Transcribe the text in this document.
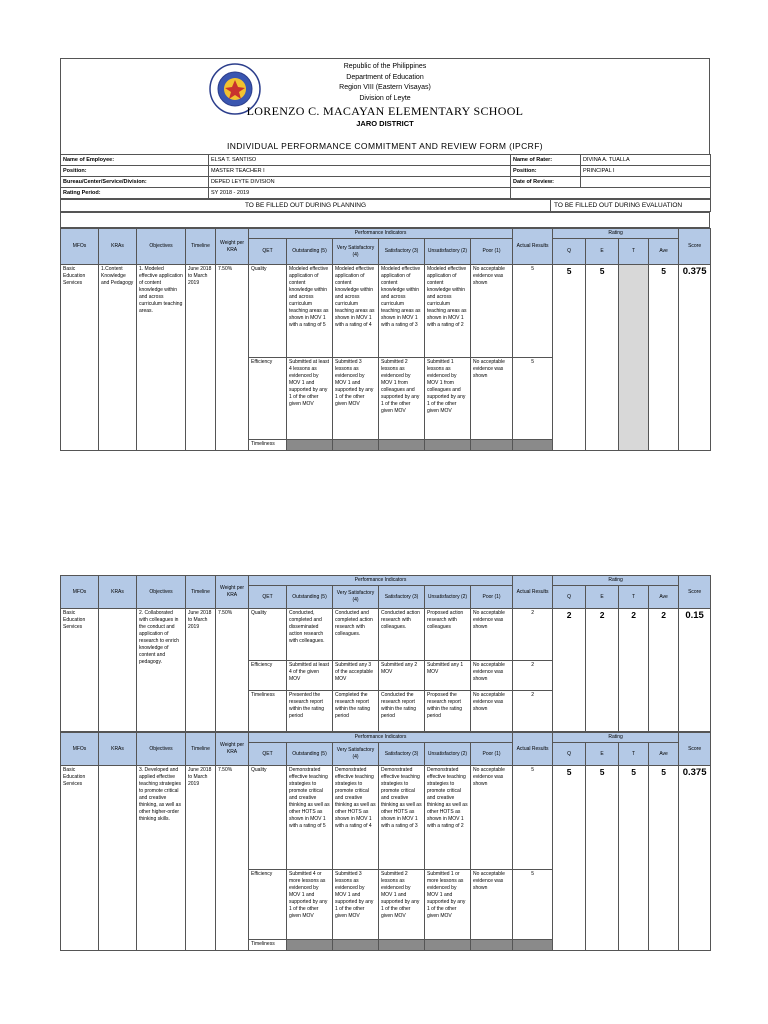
Republic of the Philippines
Department of Education
Region VIII (Eastern Visayas)
Division of Leyte
LORENZO C. MACAYAN ELEMENTARY SCHOOL
JARO DISTRICT
INDIVIDUAL PERFORMANCE COMMITMENT AND REVIEW FORM (IPCRF)
Name of Employee:	ELSA T. SANTISO	Name of Rater:	DIVINA A. TUALLA
Position:	MASTER TEACHER I	Position:	PRINCIPAL I
Bureau/Center/Service/Division:	DEPED LEYTE DIVISION	Date of Review:	
Rating Period:	SY 2018 - 2019		
TO BE FILLED OUT DURING PLANNING	TO BE FILLED OUT DURING EVALUATION
MFOs	KRAs	Objectives	Timeline	Weight per KRA	Performance Indicators						Actual Results	Rating				Score
					QET	Outstanding (5)	Very Satisfactory (4)	Satisfactory (3)	Unsatisfactory (2)	Poor (1)		Q	E	T	Ave	
Basic Education Services	1.Content Knowledge and Pedagogy	1. Modeled effective application of content knowledge within and across curriculum teaching areas.	June 2018 to March 2019	7.50%	Quality	Modeled effective application of content knowledge within and across curriculum teaching areas as shown in MOV 1 with a rating of 5	Modeled effective application of content knowledge within and across curriculum teaching areas as shown in MOV 1 with a rating of 4	Modeled effective application of content knowledge within and across curriculum teaching areas as shown in MOV 1 with a rating of 3	Modeled effective application of content knowledge within and across curriculum teaching areas as shown in MOV 1 with a rating of 2	No acceptable evidence was shown	5	5	5		5	0.375
					Efficiency	Submitted at least 4 lessons as evidenced by MOV 1 and supported by any 1 of the other given MOV	Submitted 3 lessons as evidenced by MOV 1 and supported by any 1 of the other given MOV	Submitted 2 lessons as evidenced by MOV 1 from colleagues and supported by any 1 of the other given MOV	Submitted 1 lessons as evidenced by MOV 1 from colleagues and supported by any 1 of the other given MOV	No acceptable evidence was shown	5					
					Timeliness											
MFOs	KRAs	Objectives	Timeline	Weight per KRA	Performance Indicators						Actual Results	Rating				Score
					QET	Outstanding (5)	Very Satisfactory (4)	Satisfactory (3)	Unsatisfactory (2)	Poor (1)		Q	E	T	Ave	
Basic Education Services		2. Collaborated with colleagues in the conduct and application of research to enrich knowledge of content and pedagogy.	June 2018 to March 2019	7.50%	Quality	Conducted, completed and disseminated action research with colleagues.	Conducted and completed action research with colleagues.	Conducted action research with colleagues.	Proposed action research with colleagues	No acceptable evidence was shown	2	2	2	2	2	0.15
					Efficiency	Submitted at least 4 of the given MOV	Submitted any 3 of the acceptable MOV	Submitted any 2 MOV	Submitted any 1 MOV	No acceptable evidence was shown	2					
					Timeliness	Presented the research report within the rating period	Completed the research report within the rating period	Conducted the research report within the rating period	Proposed the research report within the rating period	No acceptable evidence was shown	2					
MFOs	KRAs	Objectives	Timeline	Weight per KRA	Performance Indicators						Actual Results	Rating				Score
					QET	Outstanding (5)	Very Satisfactory (4)	Satisfactory (3)	Unsatisfactory (2)	Poor (1)		Q	E	T	Ave	
Basic Education Services		3. Developed and applied effective teaching strategies to promote critical and creative thinking, as well as other higher-order thinking skills.	June 2018 to March 2019	7.50%	Quality	Demonstrated effective teaching strategies to promote critical and creative thinking as well as other HOTS as shown in MOV 1 with a rating of 5	Demonstrated effective teaching strategies to promote critical and creative thinking as well as other HOTS as shown in MOV 1 with a rating of 4	Demonstrated effective teaching strategies to promote critical and creative thinking as well as other HOTS as shown in MOV 1 with a rating of 3	Demonstrated effective teaching strategies to promote critical and creative thinking as well as other HOTS as shown in MOV 1 with a rating of 2	No acceptable evidence was shown	5	5	5	5	5	0.375
					Efficiency	Submitted 4 or more lessons as evidenced by MOV 1 and supported by any 1 of the other given MOV	Submitted 3 lessons as evidenced by MOV 1 and supported by any 1 of the other given MOV	Submitted 2 lessons as evidenced by MOV 1 and supported by any 1 of the other given MOV	Submitted 1 or more lessons as evidenced by MOV 1 and supported by any 1 of the other given MOV	No acceptable evidence was shown	5					
					Timeliness											
